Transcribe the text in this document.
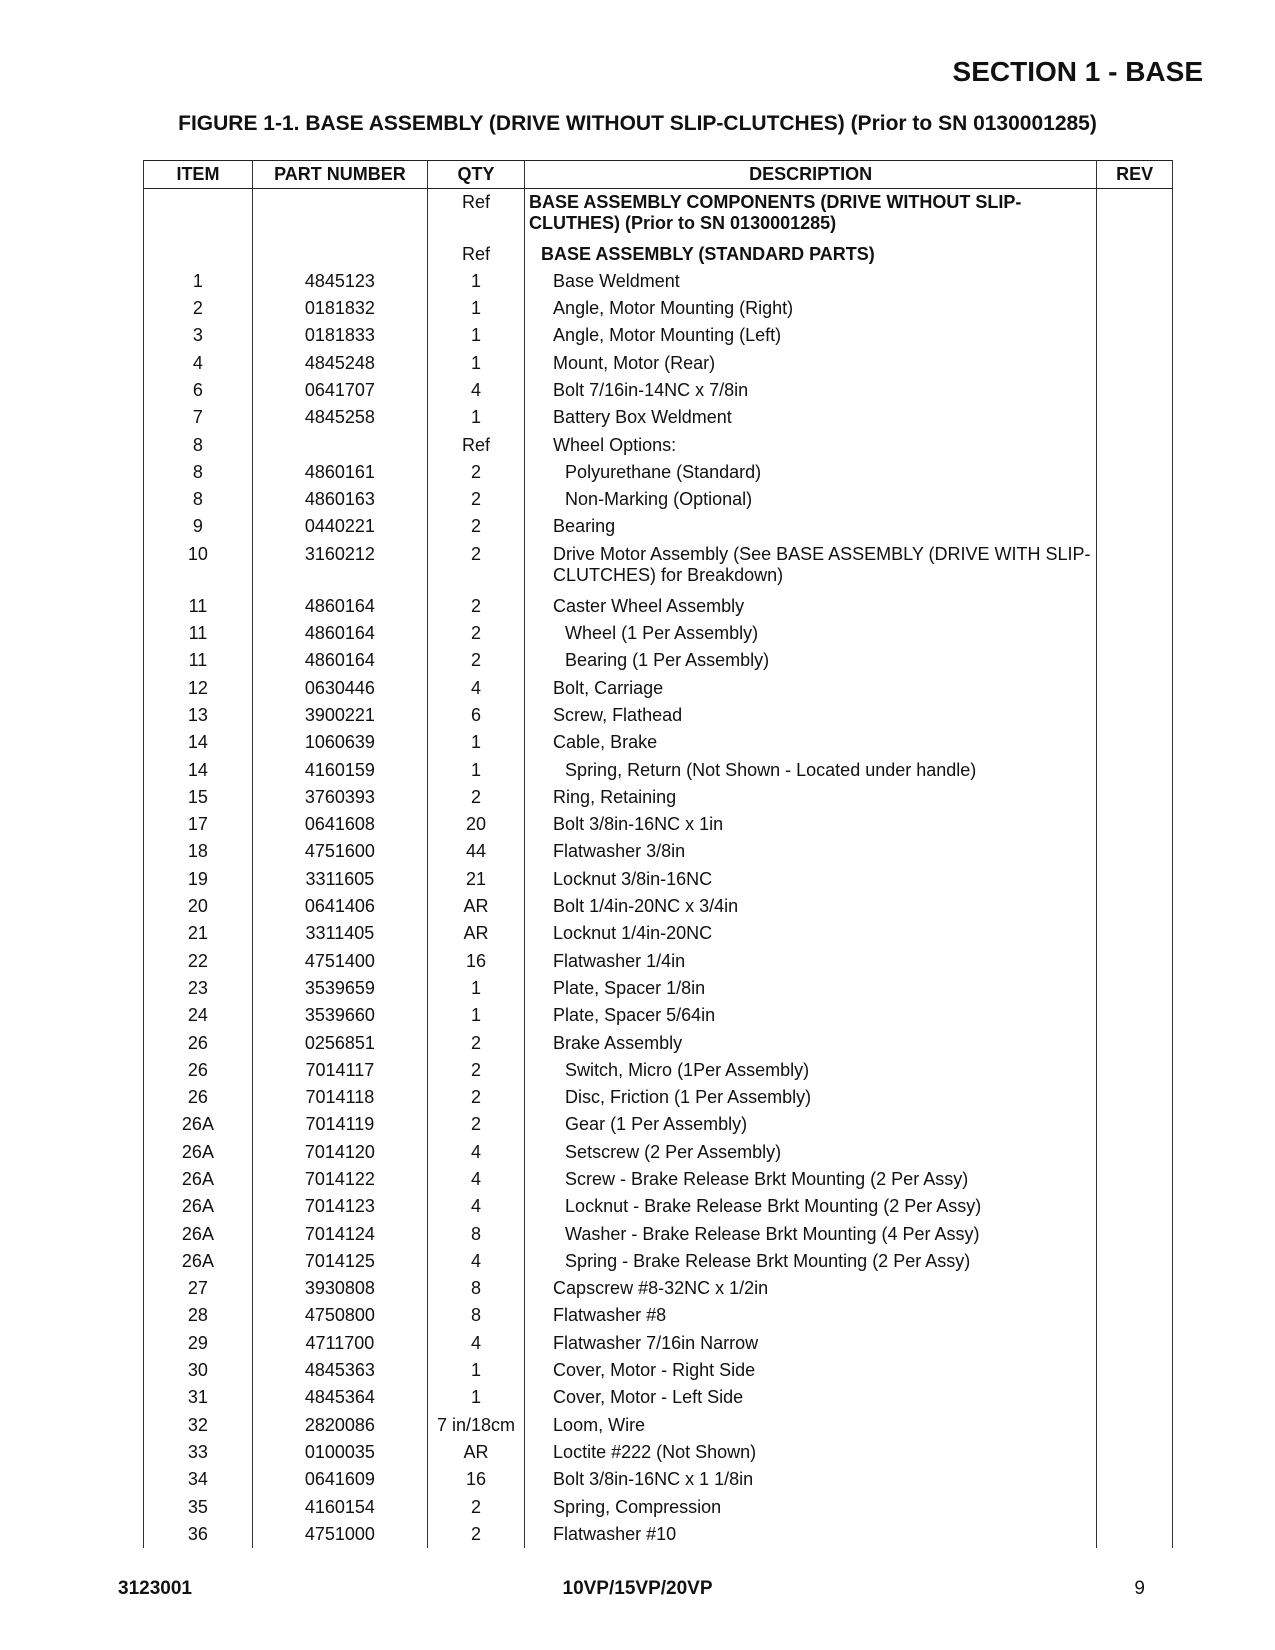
SECTION 1 - BASE
FIGURE 1-1. BASE ASSEMBLY (DRIVE WITHOUT SLIP-CLUTCHES) (Prior to SN 0130001285)
ITEM	PART NUMBER	QTY	DESCRIPTION	REV
		Ref	BASE ASSEMBLY COMPONENTS (DRIVE WITHOUT SLIP-CLUTHES) (Prior to SN 0130001285)	
		Ref	BASE ASSEMBLY (STANDARD PARTS)	
1	4845123	1	Base Weldment	
2	0181832	1	Angle, Motor Mounting (Right)	
3	0181833	1	Angle, Motor Mounting (Left)	
4	4845248	1	Mount, Motor (Rear)	
6	0641707	4	Bolt 7/16in-14NC x 7/8in	
7	4845258	1	Battery Box Weldment	
8		Ref	Wheel Options:	
8	4860161	2	Polyurethane (Standard)	
8	4860163	2	Non-Marking (Optional)	
9	0440221	2	Bearing	
10	3160212	2	Drive Motor Assembly (See BASE ASSEMBLY (DRIVE WITH SLIP-CLUTCHES) for Breakdown)	
11	4860164	2	Caster Wheel Assembly	
11	4860164	2	Wheel (1 Per Assembly)	
11	4860164	2	Bearing (1 Per Assembly)	
12	0630446	4	Bolt, Carriage	
13	3900221	6	Screw, Flathead	
14	1060639	1	Cable, Brake	
14	4160159	1	Spring, Return (Not Shown - Located under handle)	
15	3760393	2	Ring, Retaining	
17	0641608	20	Bolt 3/8in-16NC x 1in	
18	4751600	44	Flatwasher 3/8in	
19	3311605	21	Locknut 3/8in-16NC	
20	0641406	AR	Bolt 1/4in-20NC x 3/4in	
21	3311405	AR	Locknut 1/4in-20NC	
22	4751400	16	Flatwasher 1/4in	
23	3539659	1	Plate, Spacer 1/8in	
24	3539660	1	Plate, Spacer 5/64in	
26	0256851	2	Brake Assembly	
26	7014117	2	Switch, Micro (1Per Assembly)	
26	7014118	2	Disc, Friction (1 Per Assembly)	
26A	7014119	2	Gear (1 Per Assembly)	
26A	7014120	4	Setscrew (2 Per Assembly)	
26A	7014122	4	Screw - Brake Release Brkt Mounting (2 Per Assy)	
26A	7014123	4	Locknut - Brake Release Brkt Mounting (2 Per Assy)	
26A	7014124	8	Washer - Brake Release Brkt Mounting (4 Per Assy)	
26A	7014125	4	Spring - Brake Release Brkt Mounting (2 Per Assy)	
27	3930808	8	Capscrew #8-32NC x 1/2in	
28	4750800	8	Flatwasher #8	
29	4711700	4	Flatwasher 7/16in Narrow	
30	4845363	1	Cover, Motor - Right Side	
31	4845364	1	Cover, Motor - Left Side	
32	2820086	7 in/18cm	Loom, Wire	
33	0100035	AR	Loctite #222 (Not Shown)	
34	0641609	16	Bolt 3/8in-16NC x 1 1/8in	
35	4160154	2	Spring, Compression	
36	4751000	2	Flatwasher #10	
3123001	10VP/15VP/20VP	9
